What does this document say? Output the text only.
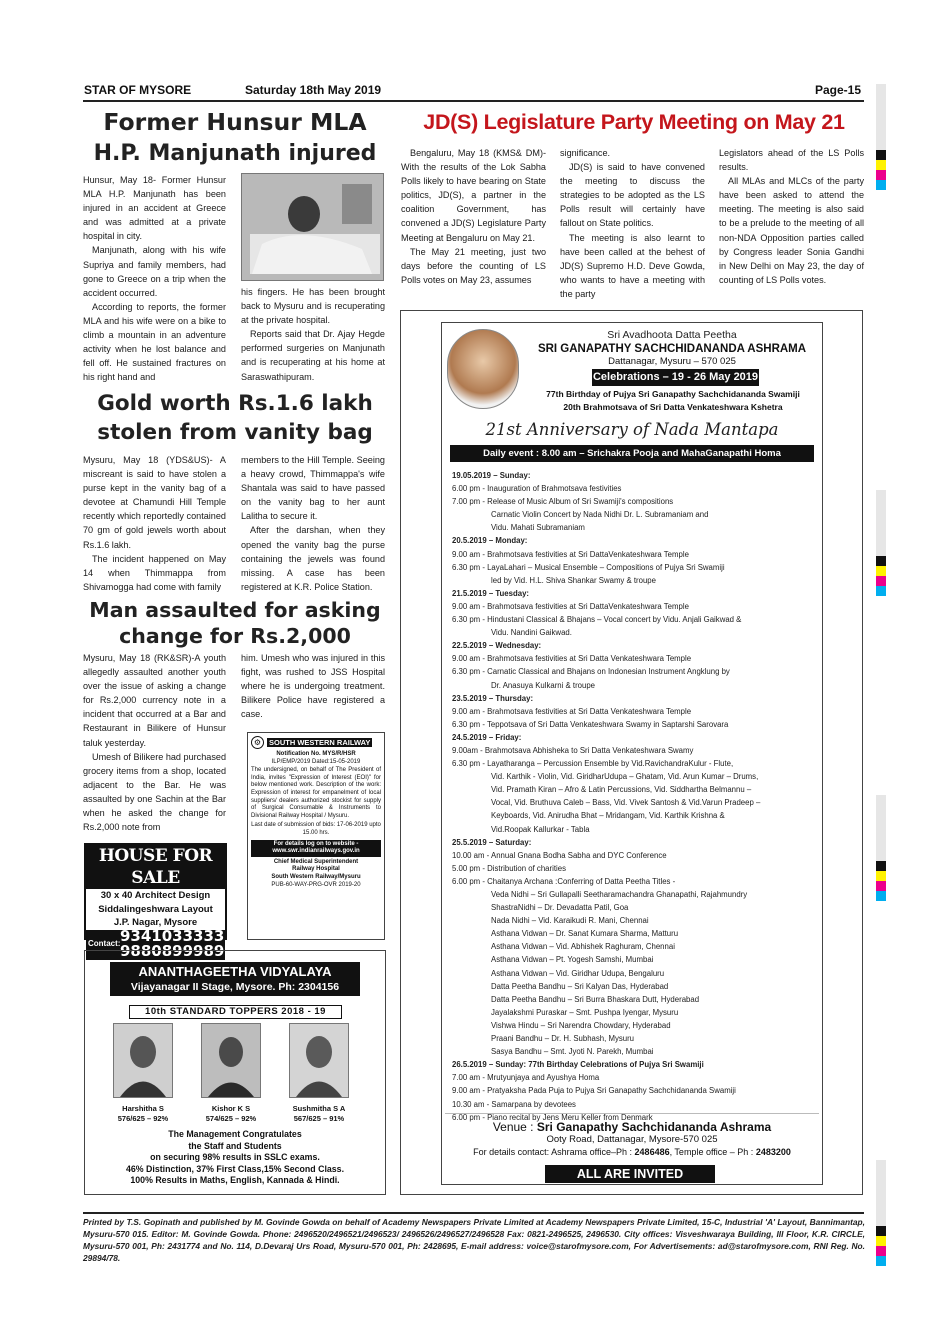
STAR OF MYSORE	Saturday 18th May 2019	Page-15
Former Hunsur MLA
H.P. Manjunath injured

Hunsur, May 18- Former Hunsur MLA H.P. Manjunath has been injured in an accident at Greece and was admitted at a private hospital in city.

Manjunath, along with his wife Supriya and family members, had gone to Greece on a trip when the accident occurred.

According to reports, the former MLA and his wife were on a bike to climb a mountain in an adventure activity when he lost balance and fell off. He sustained fractures on his right hand and

his fingers. He has been brought back to Mysuru and is recuperating at the private hospital.

Reports said that Dr. Ajay Hegde performed surgeries on Manjunath and is recuperating at his home at Saraswathipuram.

JD(S) Legislature Party Meeting on May 21

Bengaluru, May 18 (KMS& DM)- With the results of the Lok Sabha Polls likely to have bearing on State politics, JD(S), a partner in the coalition Government, has convened a JD(S) Legislature Party Meeting at Bengaluru on May 21.

The May 21 meeting, just two days before the counting of LS Polls votes on May 23, assumes

significance.

JD(S) is said to have convened the meeting to discuss the strategies to be adopted as the LS Polls result will certainly have fallout on State politics.

The meeting is also learnt to have been called at the behest of JD(S) Supremo H.D. Deve Gowda, who wants to have a meeting with the party

Legislators ahead of the LS Polls results.

All MLAs and MLCs of the party have been asked to attend the meeting. The meeting is also said to be a prelude to the meeting of all non-NDA Opposition parties called by Congress leader Sonia Gandhi in New Delhi on May 23, the day of counting of LS Polls votes.

Gold worth Rs.1.6 lakh
stolen from vanity bag

Mysuru, May 18 (YDS&US)- A miscreant is said to have stolen a purse kept in the vanity bag of a devotee at Chamundi Hill Temple recently which reportedly contained 70 gm of gold jewels worth about Rs.1.6 lakh.

The incident happened on May 14 when Thimmappa from Shivamogga had come with family

members to the Hill Temple. Seeing a heavy crowd, Thimmappa's wife Shantala was said to have passed on the vanity bag to her aunt Lalitha to secure it.

After the darshan, when they opened the vanity bag the purse containing the jewels was found missing. A case has been registered at K.R. Police Station.

Man assaulted for asking
change for Rs.2,000

Mysuru, May 18 (RK&SR)-A youth allegedly assaulted another youth over the issue of asking a change for Rs.2,000 currency note in a incident that occurred at a Bar and Restaurant in Bilikere of Hunsur taluk yesterday.

Umesh of Bilikere had purchased grocery items from a shop, located adjacent to the Bar. He was assaulted by one Sachin at the Bar when he asked the change for Rs.2,000 note from

him. Umesh who was injured in this fight, was rushed to JSS Hospital where he is undergoing treatment. Bilikere Police have registered a case.

HOUSE FOR SALE
30 x 40 Architect Design
Siddalingeshwara Layout
J.P. Nagar, Mysore
Contact: 9341033333
9880899989
⚙	SOUTH WESTERN RAILWAY
Notification No. MYS/R/HSR
ILP/EMP/2019 Dated:15-05-2019
The undersigned, on behalf of The President of India, invites "Expression of Interest (EOI)" for below mentioned work. Description of the work: Expression of interest for empanelment of local suppliers/ dealers authorized stockist for supply of Surgical Consumable & Instruments to Divisional Railway Hospital / Mysuru.
Last date of submission of bids: 17-06-2019 upto 15.00 hrs.
For details log on to website - www.swr.indianrailways.gov.in
Chief Medical Superintendent
Railway Hospital
South Western Railway/Mysuru
PUB-60-WAY-PRG-OVR 2019-20
ANANTHAGEETHA VIDYALAYA
Vijayanagar II Stage, Mysore. Ph: 2304156
10th STANDARD TOPPERS 2018 - 19
Harshitha S
576/625 – 92%
Kishor K S
574/625 – 92%
Sushmitha S A
567/625 – 91%
The Management Congratulates
the Staff and Students
on securing 98% results in SSLC exams.
46% Distinction, 37% First Class,15% Second Class.
100% Results in Maths, English, Kannada & Hindi.
Sri Avadhoota Datta Peetha
SRI GANAPATHY SACHCHIDANANDA ASHRAMA
Dattanagar, Mysuru – 570 025
Celebrations – 19 - 26 May 2019
77th Birthday of Pujya Sri Ganapathy Sachchidananda Swamiji
20th Brahmotsava of Sri Datta Venkateshwara Kshetra
21st Anniversary of Nada Mantapa
Daily event : 8.00 am – Srichakra Pooja and MahaGanapathi Homa
19.05.2019 – Sunday:
6.00 pm - Inauguration of Brahmotsava festivities
7.00 pm - Release of Music Album of Sri Swamiji's compositions
Carnatic Violin Concert by Nada Nidhi Dr. L. Subramaniam and
Vidu. Mahati Subramaniam
20.5.2019 – Monday:
9.00 am - Brahmotsava festivities at Sri DattaVenkateshwara Temple
6.30 pm - LayaLahari – Musical Ensemble – Compositions of Pujya Sri Swamiji
led by Vid. H.L. Shiva Shankar Swamy & troupe
21.5.2019 – Tuesday:
9.00 am - Brahmotsava festivities at Sri DattaVenkateshwara Temple
6.30 pm - Hindustani Classical & Bhajans – Vocal concert by Vidu. Anjali Gaikwad &
Vidu. Nandini Gaikwad.
22.5.2019 – Wednesday:
9.00 am - Brahmotsava festivities at Sri Datta Venkateshwara Temple
6.30 pm - Carnatic Classical and Bhajans on Indonesian Instrument Angklung by
Dr. Anasuya Kulkarni & troupe
23.5.2019 – Thursday:
9.00 am - Brahmotsava festivities at Sri Datta Venkateshwara Temple
6.30 pm - Teppotsava of Sri Datta Venkateshwara Swamy in Saptarshi Sarovara
24.5.2019 – Friday:
9.00am - Brahmotsava Abhisheka to Sri Datta Venkateshwara Swamy
6.30 pm - Layatharanga – Percussion Ensemble by Vid.RavichandraKulur - Flute,
Vid. Karthik - Violin, Vid. GiridharUdupa – Ghatam, Vid. Arun Kumar – Drums,
Vid. Pramath Kiran – Afro & Latin Percussions, Vid. Siddhartha Belmannu –
Vocal, Vid. Bruthuva Caleb – Bass, Vid. Vivek Santosh & Vid.Varun Pradeep –
Keyboards, Vid. Anirudha Bhat – Mridangam, Vid. Karthik Krishna &
Vid.Roopak Kallurkar - Tabla
25.5.2019 – Saturday:
10.00 am - Annual Gnana Bodha Sabha and DYC Conference
5.00 pm - Distribution of charities
6.00 pm - Chaitanya Archana :Conferring of Datta Peetha Titles -
Veda Nidhi – Sri Gullapalli Seetharamachandra Ghanapathi, Rajahmundry
ShastraNidhi – Dr. Devadatta Patil, Goa
Nada Nidhi – Vid. Karaikudi R. Mani, Chennai
Asthana Vidwan – Dr. Sanat Kumara Sharma, Matturu
Asthana Vidwan – Vid. Abhishek Raghuram, Chennai
Asthana Vidwan – Pt. Yogesh Samshi, Mumbai
Asthana Vidwan – Vid. Giridhar Udupa, Bengaluru
Datta Peetha Bandhu – Sri Kalyan Das, Hyderabad
Datta Peetha Bandhu – Sri Burra Bhaskara Dutt, Hyderabad
Jayalakshmi Puraskar – Smt. Pushpa Iyengar, Mysuru
Vishwa Hindu – Sri Narendra Chowdary, Hyderabad
Praani Bandhu – Dr. H. Subhash, Mysuru
Sasya Bandhu – Smt. Jyoti N. Parekh, Mumbai
26.5.2019 – Sunday: 77th Birthday Celebrations of Pujya Sri Swamiji
7.00 am - Mrutyunjaya and Ayushya Homa
9.00 am - Pratyaksha Pada Puja to Pujya Sri Ganapathy Sachchidananda Swamiji
10.30 am - Samarpana by devotees
6.00 pm - Piano recital by Jens Meru Keller from Denmark
Venue : Sri Ganapathy Sachchidananda Ashrama
Ooty Road, Dattanagar, Mysore-570 025
For details contact: Ashrama office–Ph : 2486486, Temple office – Ph : 2483200
ALL ARE INVITED
Printed by T.S. Gopinath and published by M. Govinde Gowda on behalf of Academy Newspapers Private Limited at Academy Newspapers Private Limited, 15-C, Industrial 'A' Layout, Bannimantap, Mysuru-570 015. Editor: M. Govinde Gowda. Phone: 2496520/2496521/2496523/ 2496526/2496527/2496528 Fax: 0821-2496525, 2496530. City offices: Visveshwaraya Building, III Floor, K.R. CIRCLE, Mysuru-570 001, Ph: 2431774 and No. 114, D.Devaraj Urs Road, Mysuru-570 001, Ph: 2428695, E-mail address: voice@starofmysore.com, For Advertisements: ad@starofmysore.com, RNI Reg. No. 29894/78.
